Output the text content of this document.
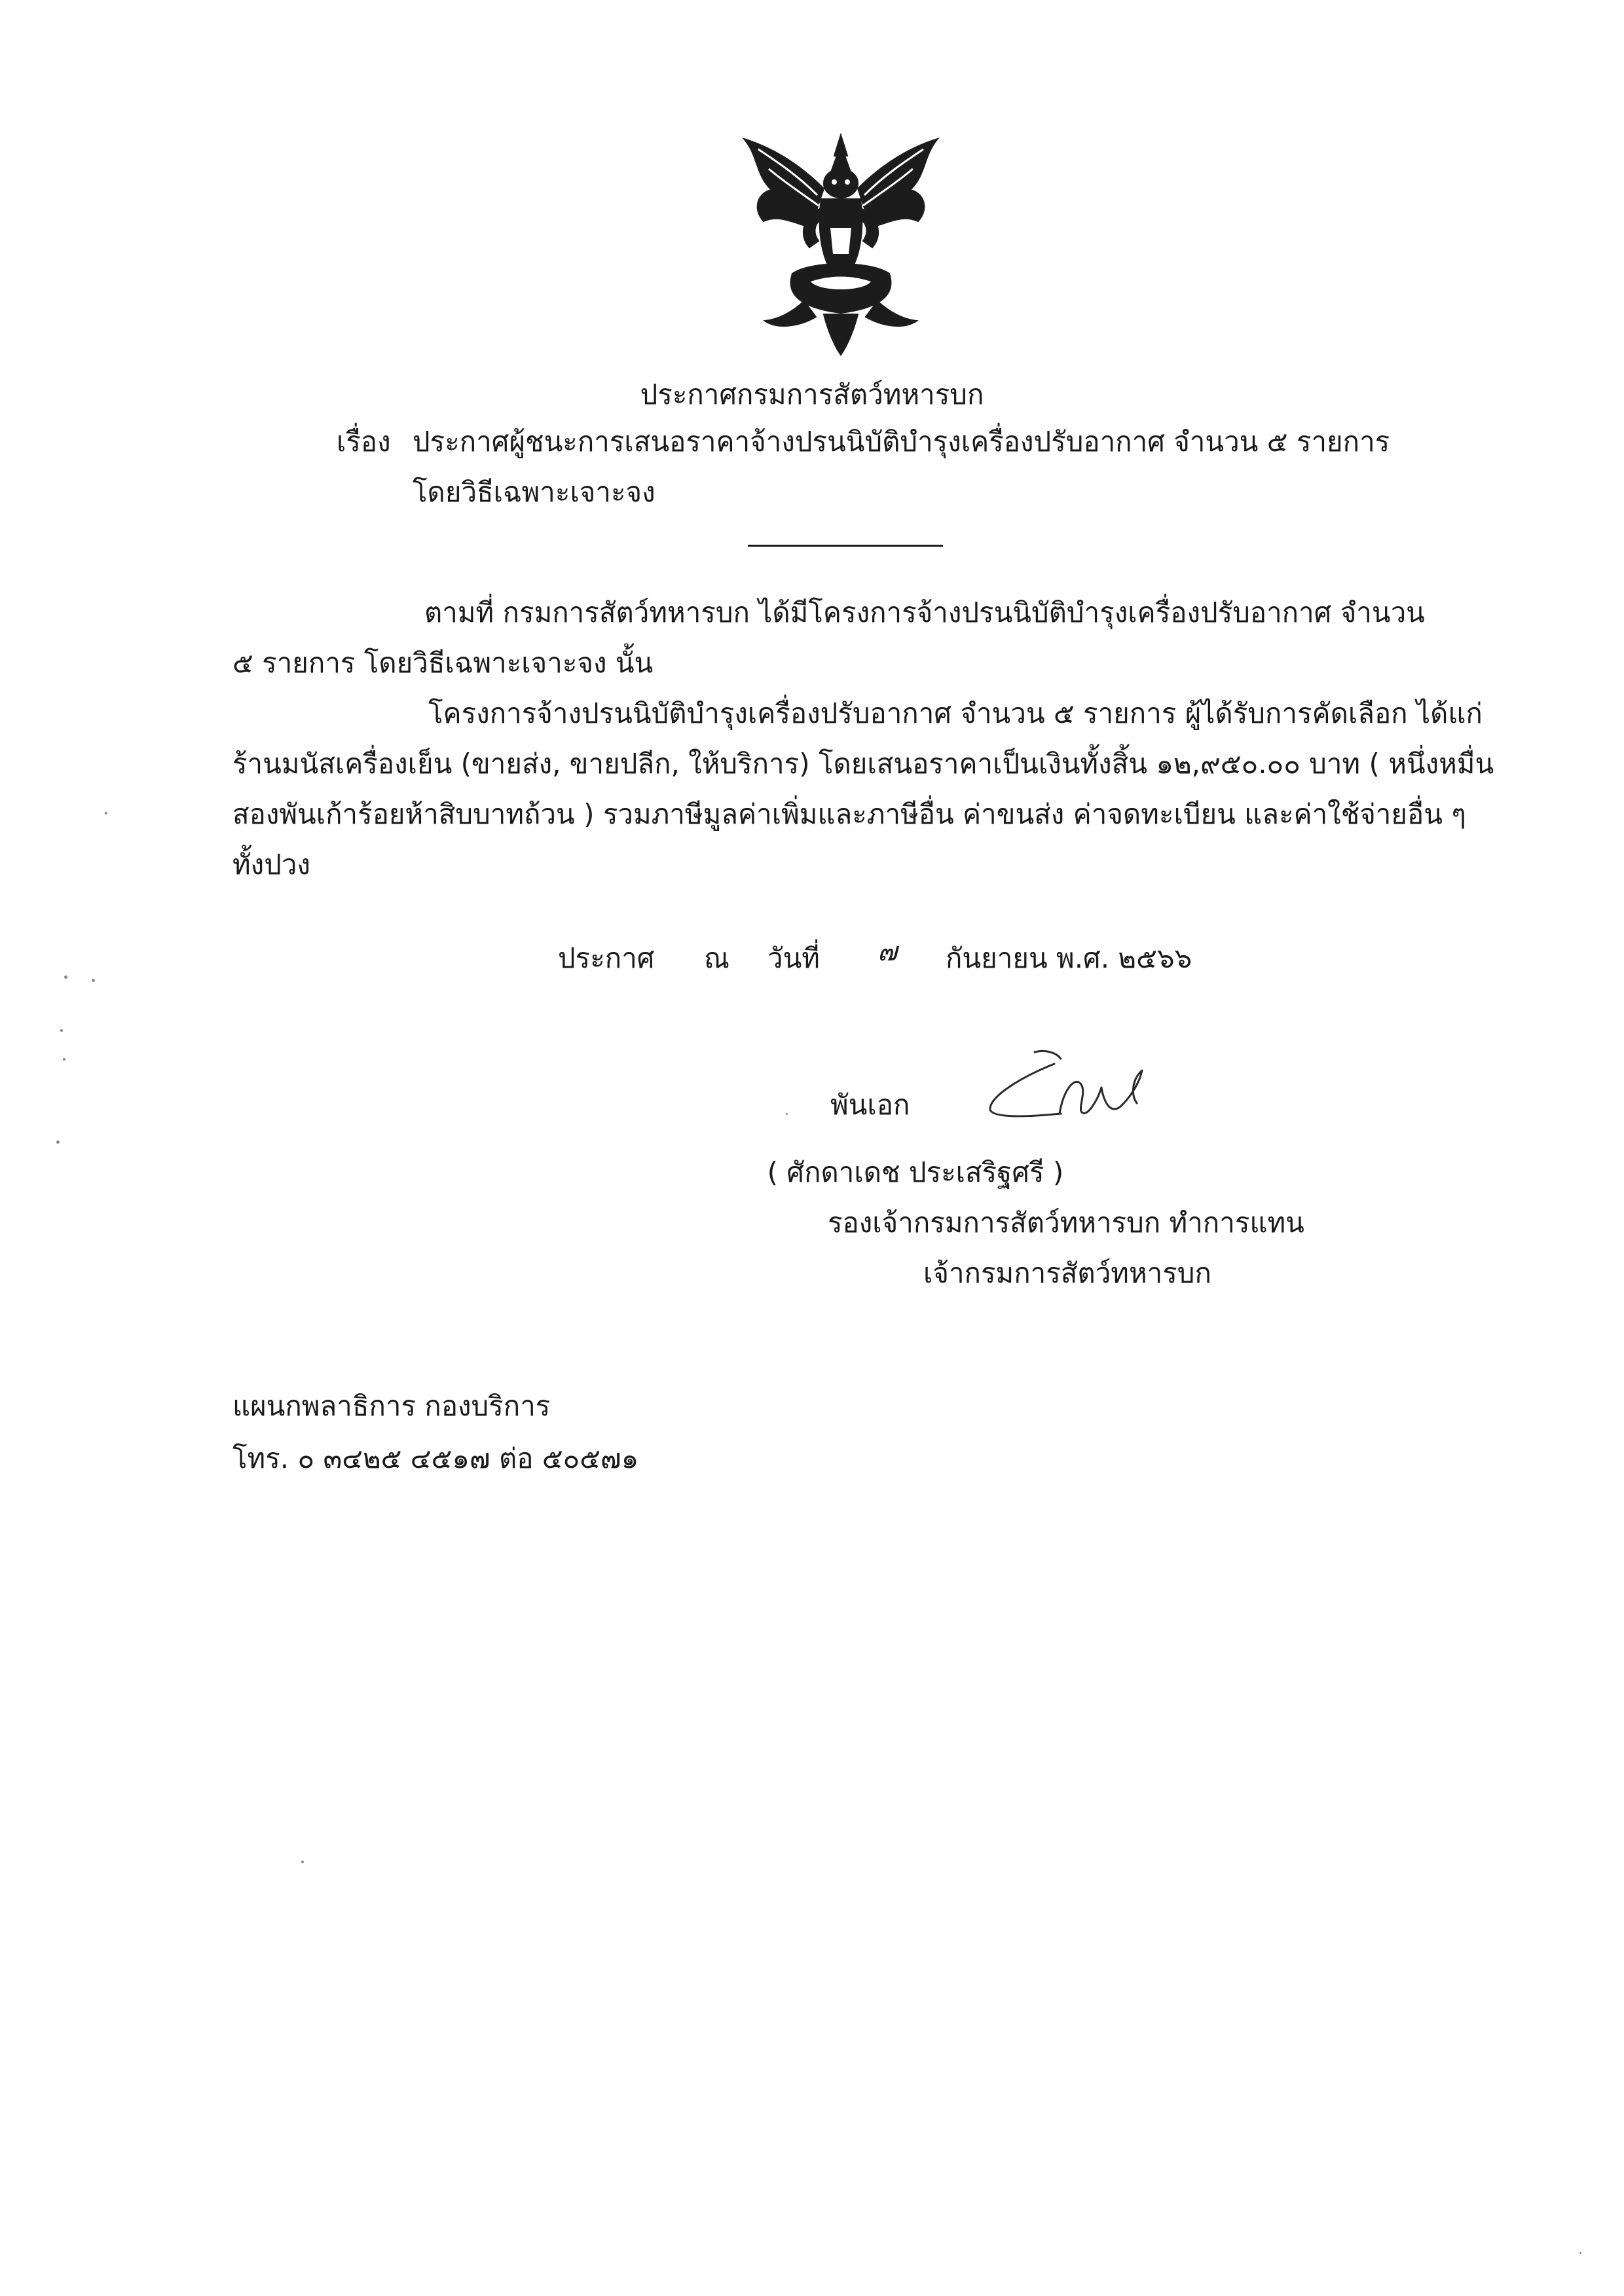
ประกาศกรมการสัตว์ทหารบก
เรื่อง ประกาศผู้ชนะการเสนอราคาจ้างปรนนิบัติบำรุงเครื่องปรับอากาศ จำนวน ๕ รายการ
โดยวิธีเฉพาะเจาะจง
ตามที่ กรมการสัตว์ทหารบก ได้มีโครงการจ้างปรนนิบัติบำรุงเครื่องปรับอากาศ จำนวน
๕ รายการ โดยวิธีเฉพาะเจาะจง นั้น
โครงการจ้างปรนนิบัติบำรุงเครื่องปรับอากาศ จำนวน ๕ รายการ ผู้ได้รับการคัดเลือก ได้แก่
ร้านมนัสเครื่องเย็น (ขายส่ง, ขายปลีก, ให้บริการ) โดยเสนอราคาเป็นเงินทั้งสิ้น ๑๒,๙๕๐.๐๐ บาท ( หนึ่งหมื่น
สองพันเก้าร้อยห้าสิบบาทถ้วน ) รวมภาษีมูลค่าเพิ่มและภาษีอื่น ค่าขนส่ง ค่าจดทะเบียน และค่าใช้จ่ายอื่น ๆ
ทั้งปวง
ประกาศ ณ วันที่ ๗ กันยายน พ.ศ. ๒๕๖๖
พันเอก
( ศักดาเดช ประเสริฐศรี )
รองเจ้ากรมการสัตว์ทหารบก ทำการแทน
เจ้ากรมการสัตว์ทหารบก
แผนกพลาธิการ กองบริการ
โทร. ๐ ๓๔๒๕ ๔๕๑๗ ต่อ ๕๐๕๗๑
